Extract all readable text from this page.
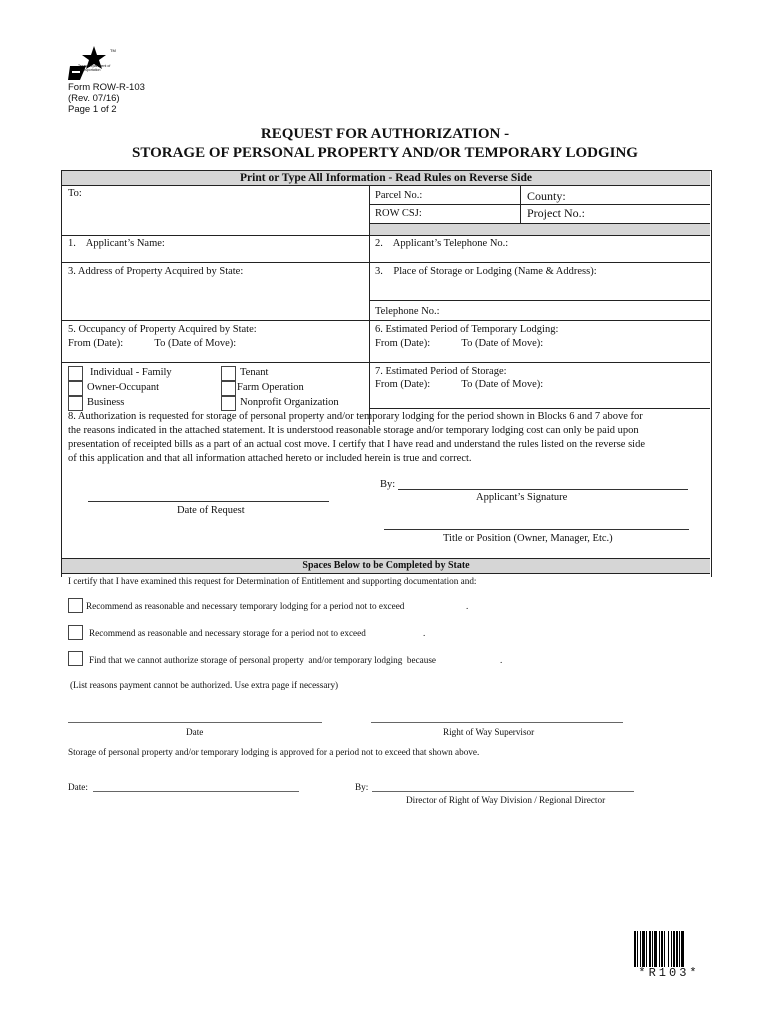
TM
Texas Department of Transportation
Form ROW-R-103
(Rev. 07/16)
Page 1 of 2
REQUEST FOR AUTHORIZATION -
STORAGE OF PERSONAL PROPERTY AND/OR TEMPORARY LODGING
Print or Type All Information - Read Rules on Reverse Side
To:	Parcel No.:	County:
ROW CSJ:	Project No.:
1.    Applicant’s Name:	2.    Applicant’s Telephone No.:
3. Address of Property Acquired by State:	3.    Place of Storage or Lodging (Name & Address):
Telephone No.:
5. Occupancy of Property Acquired by State:
From (Date):            To (Date of Move):
6. Estimated Period of Temporary Lodging:
From (Date):            To (Date of Move):
Individual - Family
Owner-Occupant
Business
Tenant
Farm Operation
Nonprofit Organization
7. Estimated Period of Storage:
From (Date):            To (Date of Move):
8. Authorization is requested for storage of personal property and/or temporary lodging for the period shown in Blocks 6 and 7 above for
the reasons indicated in the attached statement. It is understood reasonable storage and/or temporary lodging cost can only be paid upon
presentation of receipted bills as a part of an actual cost move. I certify that I have read and understand the rules listed on the reverse side
of this application and that all information attached hereto or included herein is true and correct.
By:
Applicant’s Signature
Date of Request
Title or Position (Owner, Manager, Etc.)
Spaces Below to be Completed by State
I certify that I have examined this request for Determination of Entitlement and supporting documentation and:
Recommend as reasonable and necessary temporary lodging for a period not to exceed	.
Recommend as reasonable and necessary storage for a period not to exceed	.
Find that we cannot authorize storage of personal property  and/or temporary lodging  because	.
(List reasons payment cannot be authorized. Use extra page if necessary)
Date	Right of Way Supervisor
Storage of personal property and/or temporary lodging is approved for a period not to exceed that shown above.
Date:	By:
Director of Right of Way Division / Regional Director
*R103*
